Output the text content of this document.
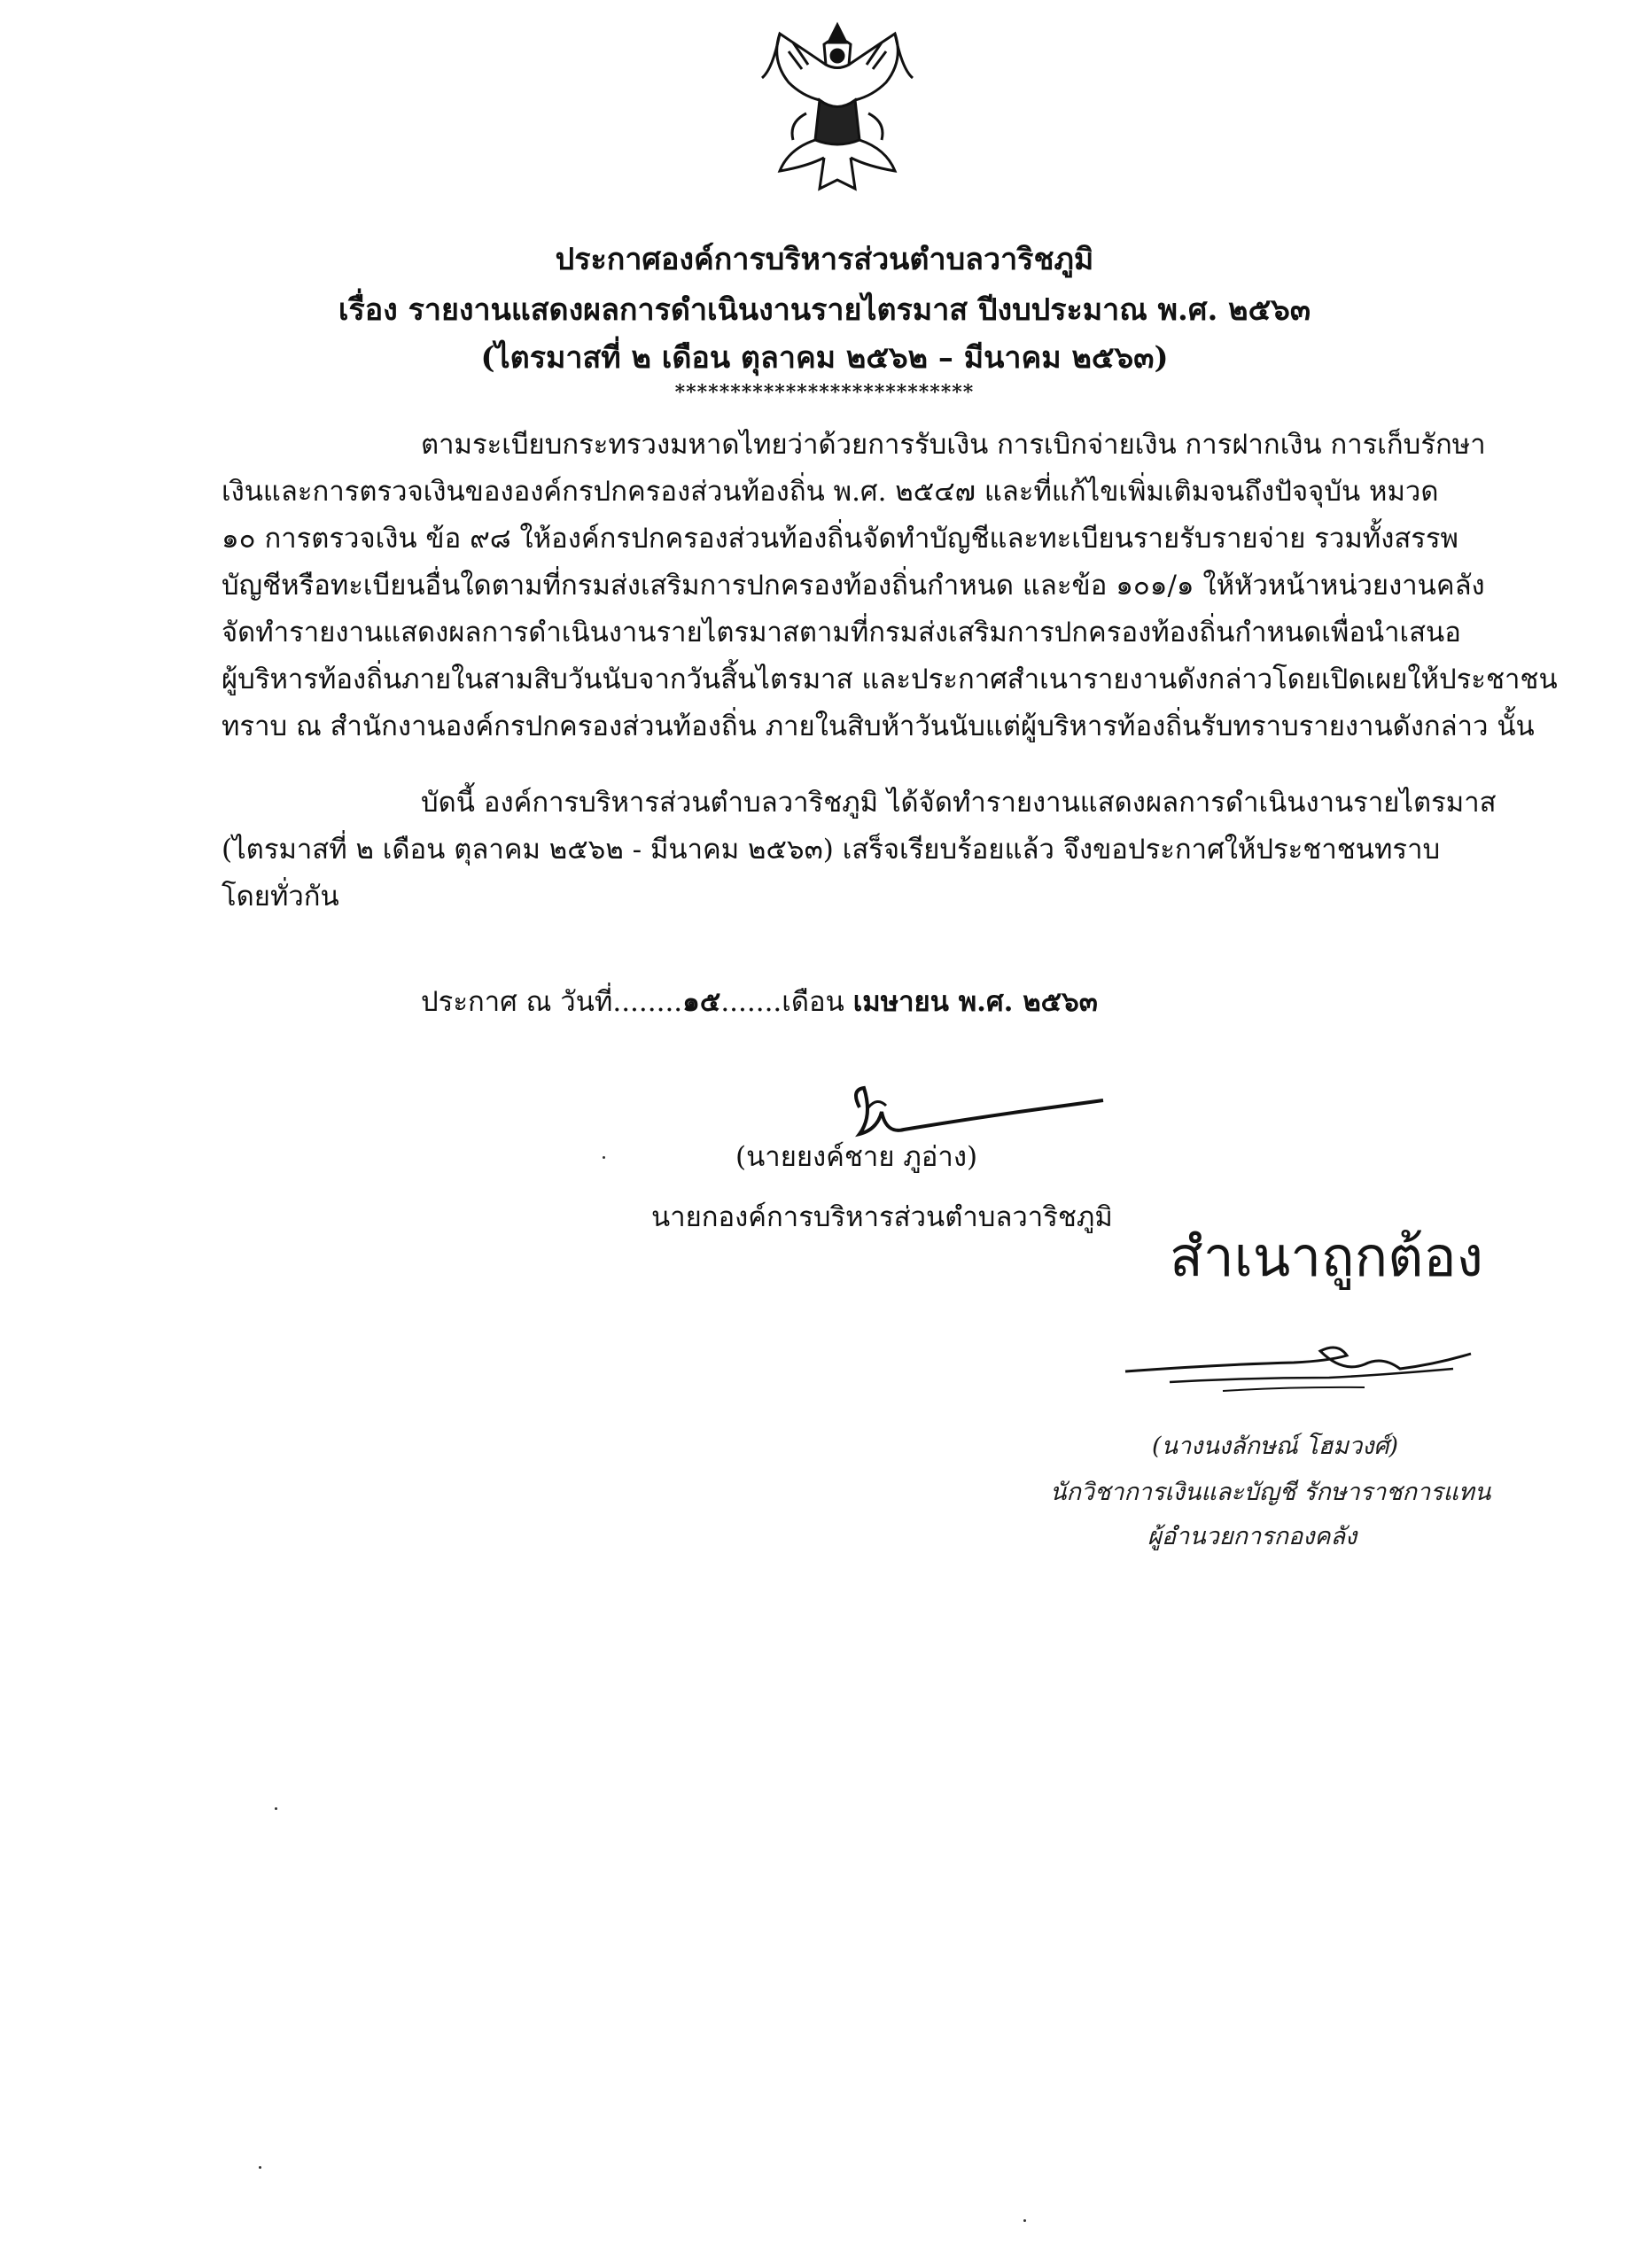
ประกาศองค์การบริหารส่วนตำบลวาริชภูมิ
เรื่อง รายงานแสดงผลการดำเนินงานรายไตรมาส ปีงบประมาณ พ.ศ. ๒๕๖๓
(ไตรมาสที่ ๒ เดือน ตุลาคม ๒๕๖๒ – มีนาคม ๒๕๖๓)
***************************
ตามระเบียบกระทรวงมหาดไทยว่าด้วยการรับเงิน การเบิกจ่ายเงิน การฝากเงิน การเก็บรักษา
เงินและการตรวจเงินขององค์กรปกครองส่วนท้องถิ่น พ.ศ. ๒๕๔๗ และที่แก้ไขเพิ่มเติมจนถึงปัจจุบัน หมวด
๑๐ การตรวจเงิน ข้อ ๙๘ ให้องค์กรปกครองส่วนท้องถิ่นจัดทำบัญชีและทะเบียนรายรับรายจ่าย รวมทั้งสรรพ
บัญชีหรือทะเบียนอื่นใดตามที่กรมส่งเสริมการปกครองท้องถิ่นกำหนด และข้อ ๑๐๑/๑ ให้หัวหน้าหน่วยงานคลัง
จัดทำรายงานแสดงผลการดำเนินงานรายไตรมาสตามที่กรมส่งเสริมการปกครองท้องถิ่นกำหนดเพื่อนำเสนอ
ผู้บริหารท้องถิ่นภายในสามสิบวันนับจากวันสิ้นไตรมาส และประกาศสำเนารายงานดังกล่าวโดยเปิดเผยให้ประชาชน
ทราบ ณ สำนักงานองค์กรปกครองส่วนท้องถิ่น ภายในสิบห้าวันนับแต่ผู้บริหารท้องถิ่นรับทราบรายงานดังกล่าว นั้น
บัดนี้ องค์การบริหารส่วนตำบลวาริชภูมิ ได้จัดทำรายงานแสดงผลการดำเนินงานรายไตรมาส
(ไตรมาสที่ ๒ เดือน ตุลาคม ๒๕๖๒ - มีนาคม ๒๕๖๓) เสร็จเรียบร้อยแล้ว จึงขอประกาศให้ประชาชนทราบ
โดยทั่วกัน
ประกาศ ณ วันที่........๑๕.......เดือน เมษายน พ.ศ. ๒๕๖๓
(นายยงค์ชาย ภูอ่าง)
นายกองค์การบริหารส่วนตำบลวาริชภูมิ
สำเนาถูกต้อง
(นางนงลักษณ์ โฮมวงศ์)
นักวิชาการเงินและบัญชี รักษาราชการแทน
ผู้อำนวยการกองคลัง
